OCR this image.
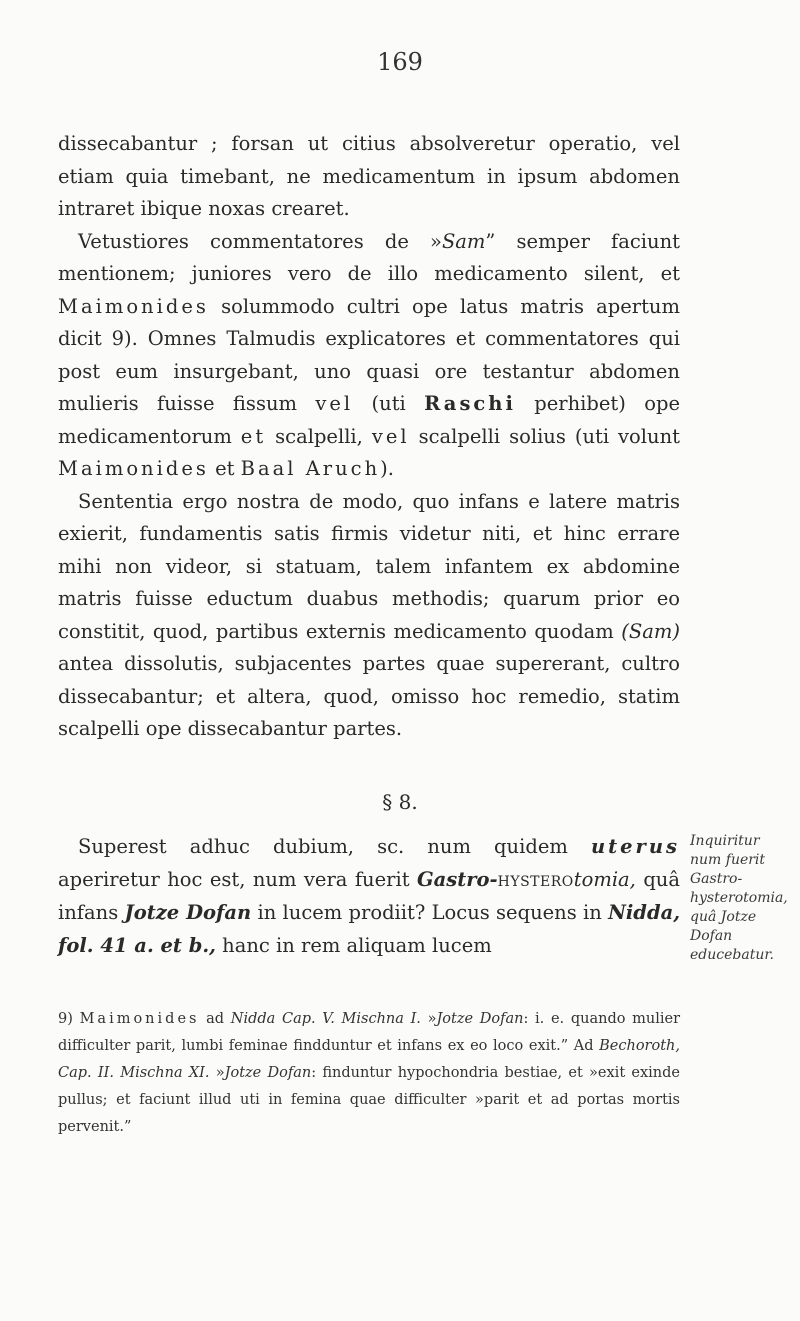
169

dissecabantur ; forsan ut citius absolveretur operatio, vel etiam quia timebant, ne medicamentum in ipsum abdomen intraret ibique noxas crearet.

Vetustiores commentatores de »Sam” semper faciunt mentionem; juniores vero de illo medicamento silent, et Maimonides solummodo cultri ope latus matris apertum dicit 9). Omnes Talmudis explicatores et commentatores qui post eum insurgebant, uno quasi ore testantur abdomen mulieris fuisse fissum vel (uti Raschi perhibet) ope medicamentorum et scalpelli, vel scalpelli solius (uti volunt Maimonides et Baal Aruch).

Sententia ergo nostra de modo, quo infans e latere matris exierit, fundamentis satis firmis videtur niti, et hinc errare mihi non videor, si statuam, talem infantem ex abdomine matris fuisse eductum duabus methodis; quarum prior eo constitit, quod, partibus externis medicamento quodam (Sam) antea dissolutis, subjacentes partes quae supererant, cultro dissecabantur; et altera, quod, omisso hoc remedio, statim scalpelli ope dissecabantur partes.

§ 8.

Superest adhuc dubium, sc. num quidem uterus aperiretur hoc est, num vera fuerit Gastro-hysterotomia, quâ infans Jotze Dofan in lucem prodiit? Locus sequens in Nidda, fol. 41 a. et b., hanc in rem aliquam lucem

Inquiritur num fuerit Gastro-hysterotomia, quâ Jotze Dofan educebatur.

9) Maimonides ad Nidda Cap. V. Mischna I. »Jotze Dofan: i. e. quando mulier difficulter parit, lumbi feminae findduntur et infans ex eo loco exit.” Ad Bechoroth, Cap. II. Mischna XI. »Jotze Dofan: finduntur hypochondria bestiae, et »exit exinde pullus; et faciunt illud uti in femina quae difficulter »parit et ad portas mortis pervenit.”
